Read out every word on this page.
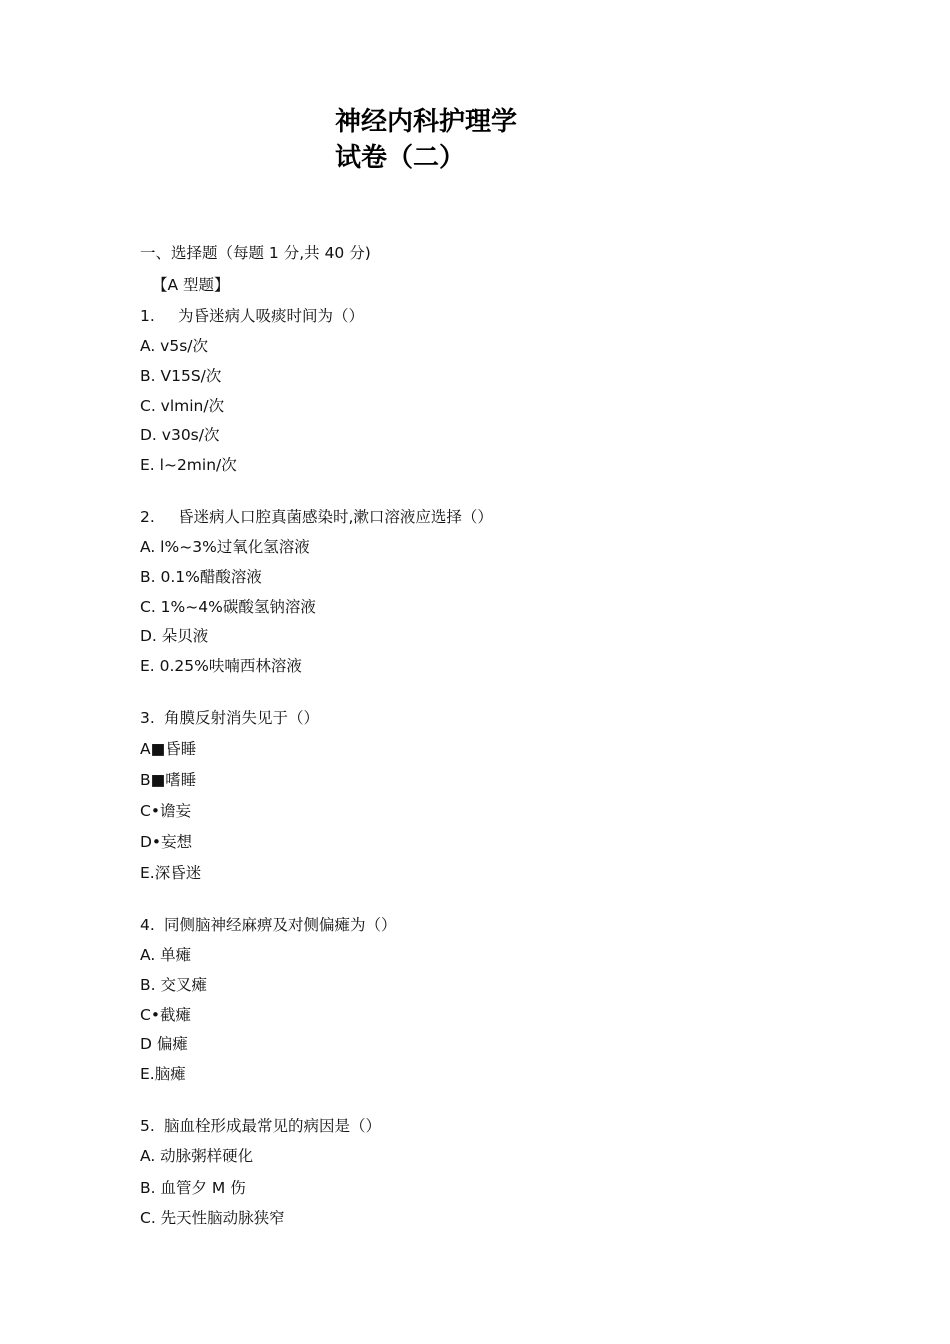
神经内科护理学
试卷（二）
一、选择题（每题 1 分,共 40 分)
【A 型题】
1. 为昏迷病人吸痰时间为（）
A. v5s/次
B. V15S/次
C. vlmin/次
D. v30s/次
E. l~2min/次
2. 昏迷病人口腔真菌感染时,漱口溶液应选择（）
A. l%~3%过氧化氢溶液
B. 0.1%醋酸溶液
C. 1%~4%碳酸氢钠溶液
D. 朵贝液
E. 0.25%呋喃西林溶液
3. 角膜反射消失见于（）
A■昏睡
B■嗜睡
C•谵妄
D•妄想
E.深昏迷
4. 同侧脑神经麻痹及对侧偏瘫为（）
A. 单瘫
B. 交叉瘫
C•截瘫
D 偏瘫
E.脑瘫
5. 脑血栓形成最常见的病因是（）
A. 动脉粥样硬化
B. 血管夕 M 伤
C. 先天性脑动脉狭窄
